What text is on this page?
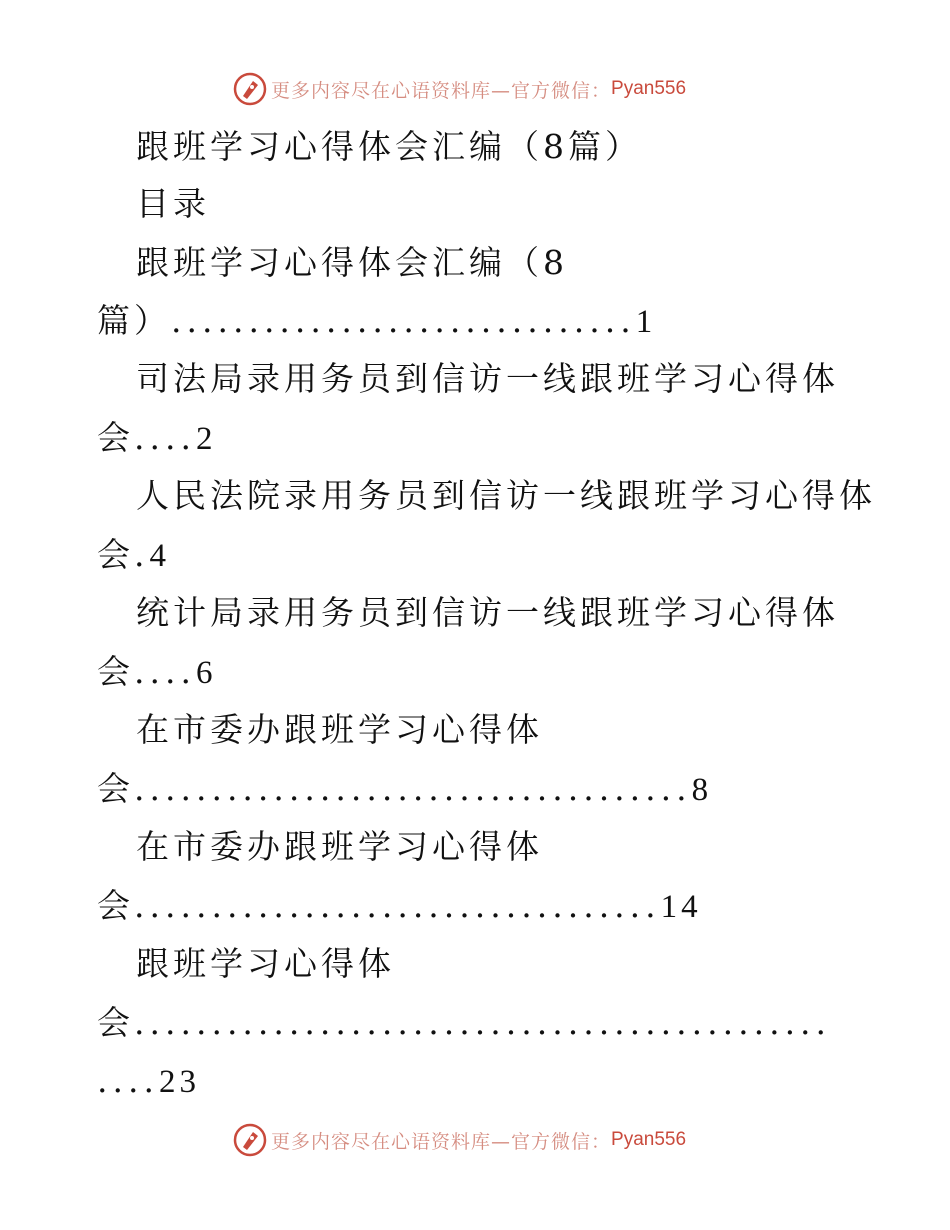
更多内容尽在心语资料库—官方微信： Pyan556
跟班学习心得体会汇编（8篇）
目录
跟班学习心得体会汇编（8
篇）..............................1
司法局录用务员到信访一线跟班学习心得体
会....2
人民法院录用务员到信访一线跟班学习心得体
会.4
统计局录用务员到信访一线跟班学习心得体
会....6
在市委办跟班学习心得体
会....................................8
在市委办跟班学习心得体
会..................................14
跟班学习心得体
会.............................................
....23
更多内容尽在心语资料库—官方微信： Pyan556
